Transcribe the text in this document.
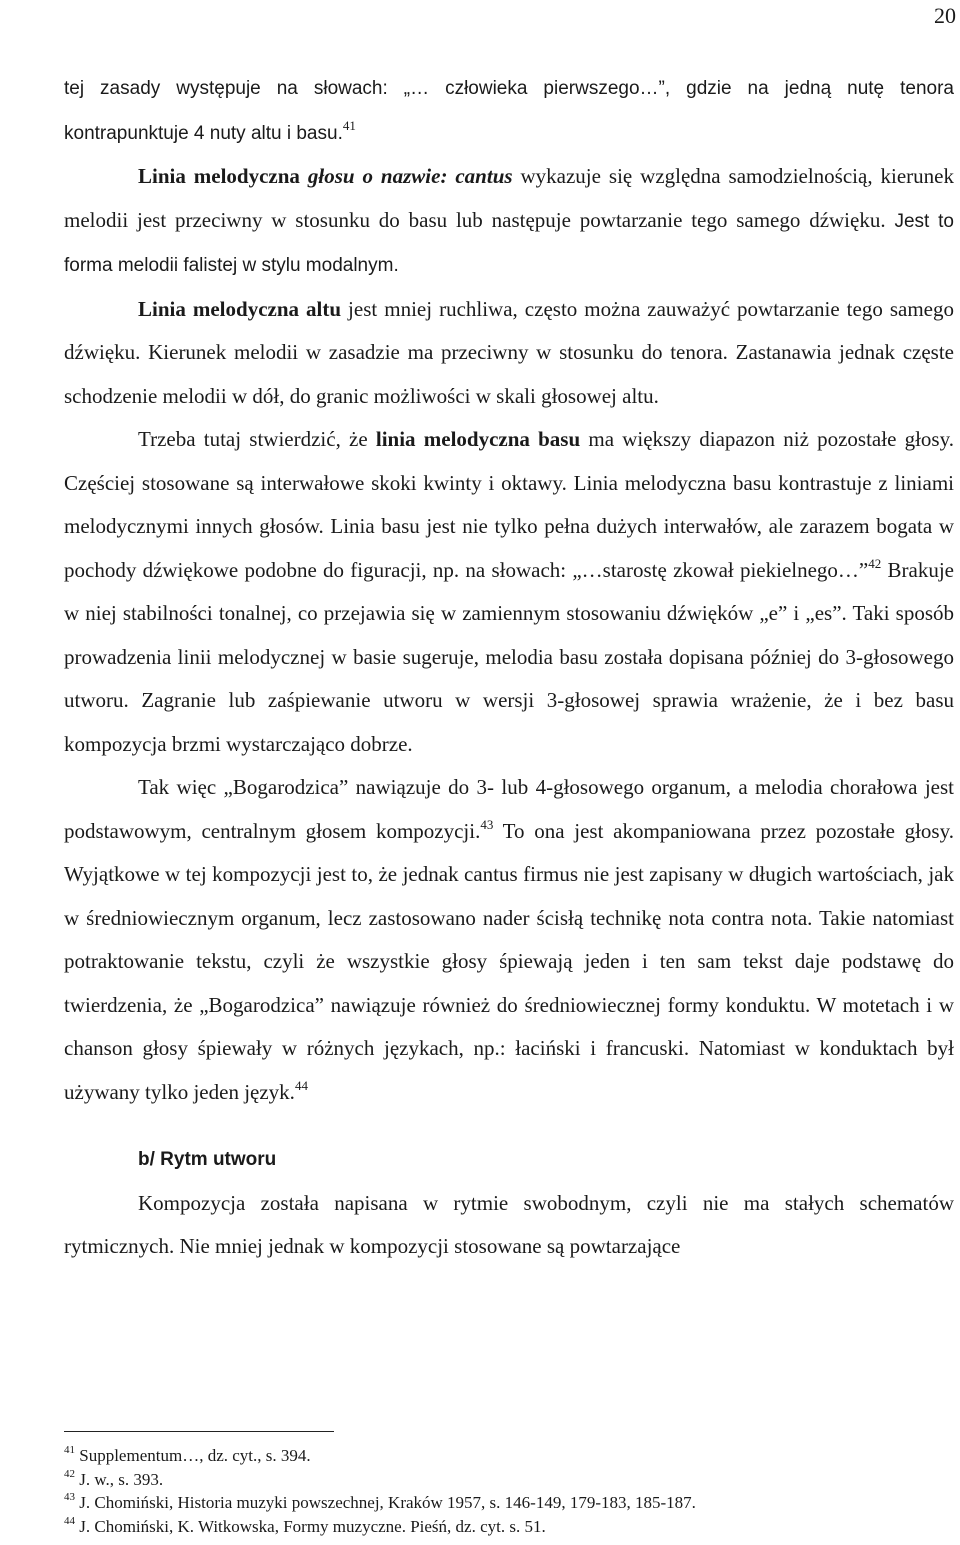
20

tej zasady występuje na słowach: „… człowieka pierwszego…”, gdzie na jedną nutę tenora kontrapunktuje 4 nuty altu i basu.$^{41}$

Linia melodyczna głosu o nazwie: cantus wykazuje się względna samodzielnością, kierunek melodii jest przeciwny w stosunku do basu lub następuje powtarzanie tego samego dźwięku. Jest to forma melodii falistej w stylu modalnym.

Linia melodyczna altu jest mniej ruchliwa, często można zauważyć powtarzanie tego samego dźwięku. Kierunek melodii w zasadzie ma przeciwny w stosunku do tenora. Zastanawia jednak częste schodzenie melodii w dół, do granic możliwości w skali głosowej altu.

Trzeba tutaj stwierdzić, że linia melodyczna basu ma większy diapazon niż pozostałe głosy. Częściej stosowane są interwałowe skoki kwinty i oktawy. Linia melodyczna basu kontrastuje z liniami melodycznymi innych głosów. Linia basu jest nie tylko pełna dużych interwałów, ale zarazem bogata w pochody dźwiękowe podobne do figuracji, np. na słowach: „…starostę zkował piekielnego…”$^{42}$ Brakuje w niej stabilności tonalnej, co przejawia się w zamiennym stosowaniu dźwięków „e” i „es”. Taki sposób prowadzenia linii melodycznej w basie sugeruje, melodia basu została dopisana później do 3-głosowego utworu. Zagranie lub zaśpiewanie utworu w wersji 3-głosowej sprawia wrażenie, że i bez basu kompozycja brzmi wystarczająco dobrze.

Tak więc „Bogarodzica” nawiązuje do 3- lub 4-głosowego organum, a melodia chorałowa jest podstawowym, centralnym głosem kompozycji.$^{43}$ To ona jest akompaniowana przez pozostałe głosy. Wyjątkowe w tej kompozycji jest to, że jednak cantus firmus nie jest zapisany w długich wartościach, jak w średniowiecznym organum, lecz zastosowano nader ścisłą technikę nota contra nota. Takie natomiast potraktowanie tekstu, czyli że wszystkie głosy śpiewają jeden i ten sam tekst daje podstawę do twierdzenia, że „Bogarodzica” nawiązuje również do średniowiecznej formy konduktu. W motetach i w chanson głosy śpiewały w różnych językach, np.: łaciński i francuski. Natomiast w konduktach był używany tylko jeden język.$^{44}$

b/ Rytm utworu

Kompozycja została napisana w rytmie swobodnym, czyli nie ma stałych schematów rytmicznych. Nie mniej jednak w kompozycji stosowane są powtarzające

$^{41}$ Supplementum…, dz. cyt., s. 394.
$^{42}$ J. w., s. 393.
$^{43}$ J. Chomiński, Historia muzyki powszechnej, Kraków 1957, s. 146-149, 179-183, 185-187.
$^{44}$ J. Chomiński, K. Witkowska, Formy muzyczne. Pieśń, dz. cyt. s. 51.
